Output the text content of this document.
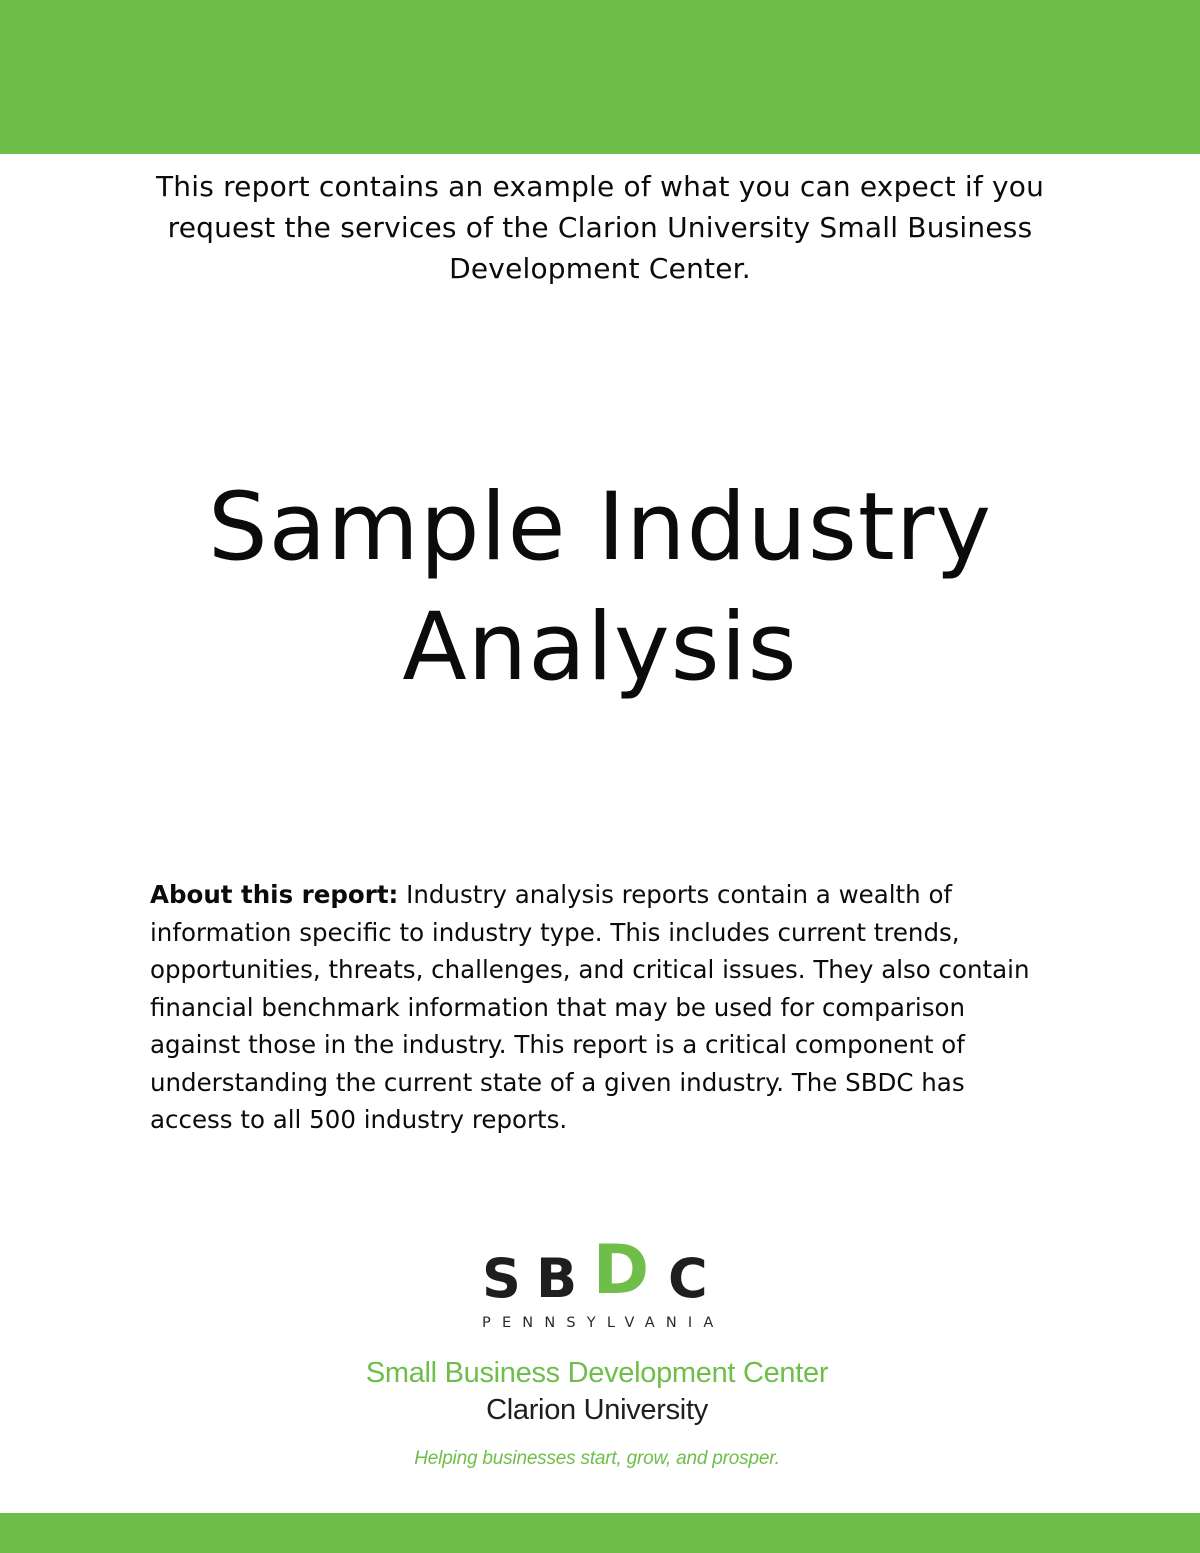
This report contains an example of what you can expect if you request the services of the Clarion University Small Business Development Center.

Sample Industry
Analysis

About this report: Industry analysis reports contain a wealth of information specific to industry type. This includes current trends, opportunities, threats, challenges, and critical issues. They also contain financial benchmark information that may be used for comparison against those in the industry. This report is a critical component of understanding the current state of a given industry. The SBDC has access to all 500 industry reports.

S B D C
PENNSYLVANIA
Small Business Development Center
Clarion University
Helping businesses start, grow, and prosper.
